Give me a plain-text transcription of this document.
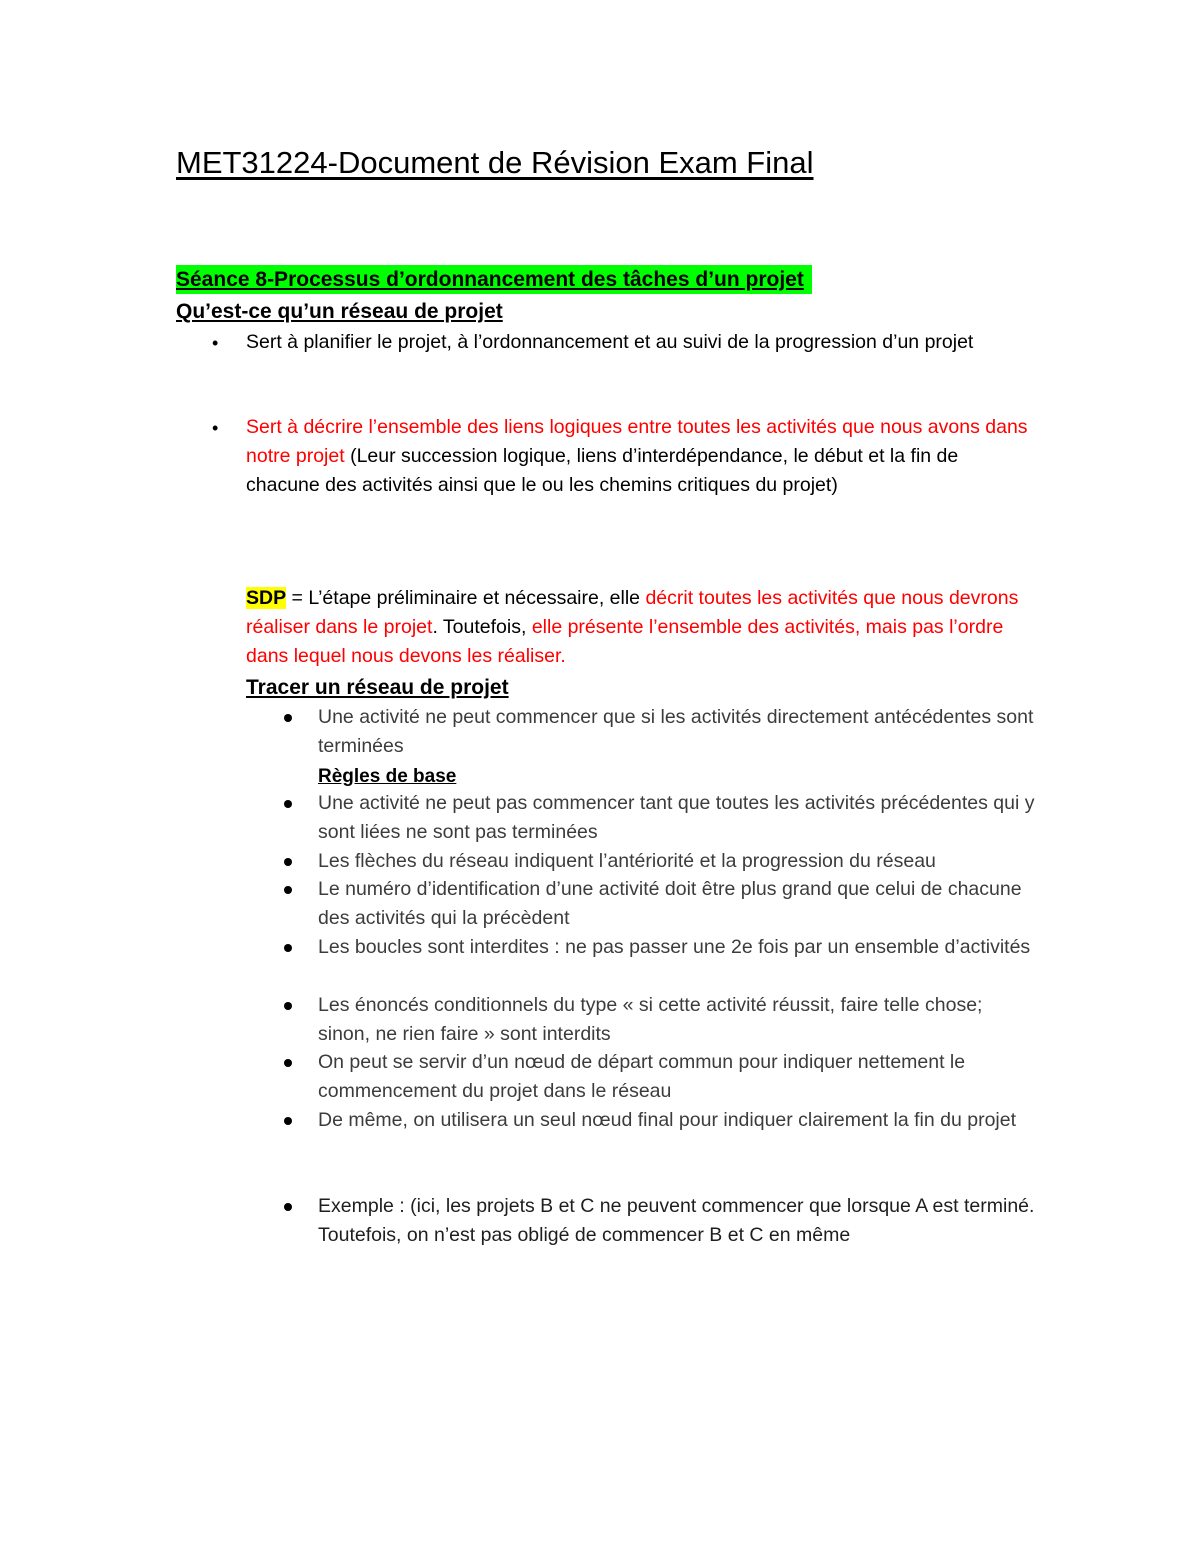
MET31224-Document de Révision Exam Final
Séance 8-Processus d’ordonnancement des tâches d’un projet
Qu’est-ce qu’un réseau de projet
• Sert à planifier le projet, à l’ordonnancement et au suivi de la progression d’un projet
• Sert à décrire l’ensemble des liens logiques entre toutes les activités que nous avons dans notre projet (Leur succession logique, liens d’interdépendance, le début et la fin de chacune des activités ainsi que le ou les chemins critiques du projet)
SDP = L’étape préliminaire et nécessaire, elle décrit toutes les activités que nous devrons réaliser dans le projet. Toutefois, elle présente l’ensemble des activités, mais pas l’ordre dans lequel nous devons les réaliser.
Tracer un réseau de projet
Une activité ne peut commencer que si les activités directement antécédentes sont terminées
Règles de base
Une activité ne peut pas commencer tant que toutes les activités précédentes qui y sont liées ne sont pas terminées
Les flèches du réseau indiquent l’antériorité et la progression du réseau
Le numéro d’identification d’une activité doit être plus grand que celui de chacune des activités qui la précèdent
Les boucles sont interdites : ne pas passer une 2e fois par un ensemble d’activités
Les énoncés conditionnels du type « si cette activité réussit, faire telle chose; sinon, ne rien faire » sont interdits
On peut se servir d’un nœud de départ commun pour indiquer nettement le commencement du projet dans le réseau
De même, on utilisera un seul nœud final pour indiquer clairement la fin du projet
Exemple : (ici, les projets B et C ne peuvent commencer que lorsque A est terminé. Toutefois, on n’est pas obligé de commencer B et C en même
